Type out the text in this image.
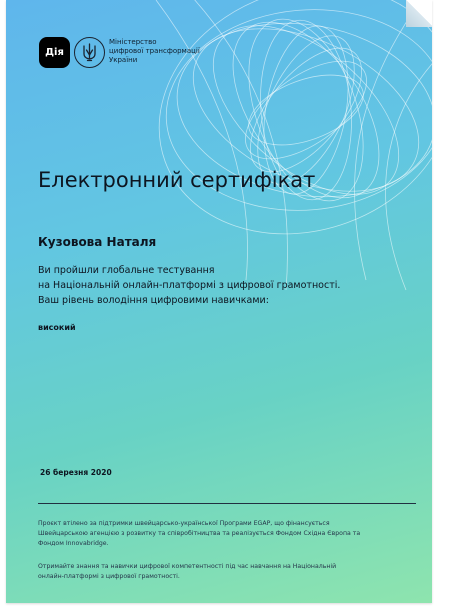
Дія
Міністерство
цифрової трансформації
України
Електронний сертифікат
Кузовова Наталя
Ви пройшли глобальне тестування
на Національній онлайн-платформі з цифрової грамотності.
Ваш рівень володіння цифровими навичками:
високий
26 березня 2020
Проєкт втілено за підтримки швейцарсько-української Програми EGAP, що фінансується
Швейцарською агенцією з розвитку та співробітництва та реалізується Фондом Східна Європа та
Фондом Innovabridge.
Отримайте знання та навички цифрової компетентності під час навчання на Національній
онлайн-платформі з цифрової грамотності.
